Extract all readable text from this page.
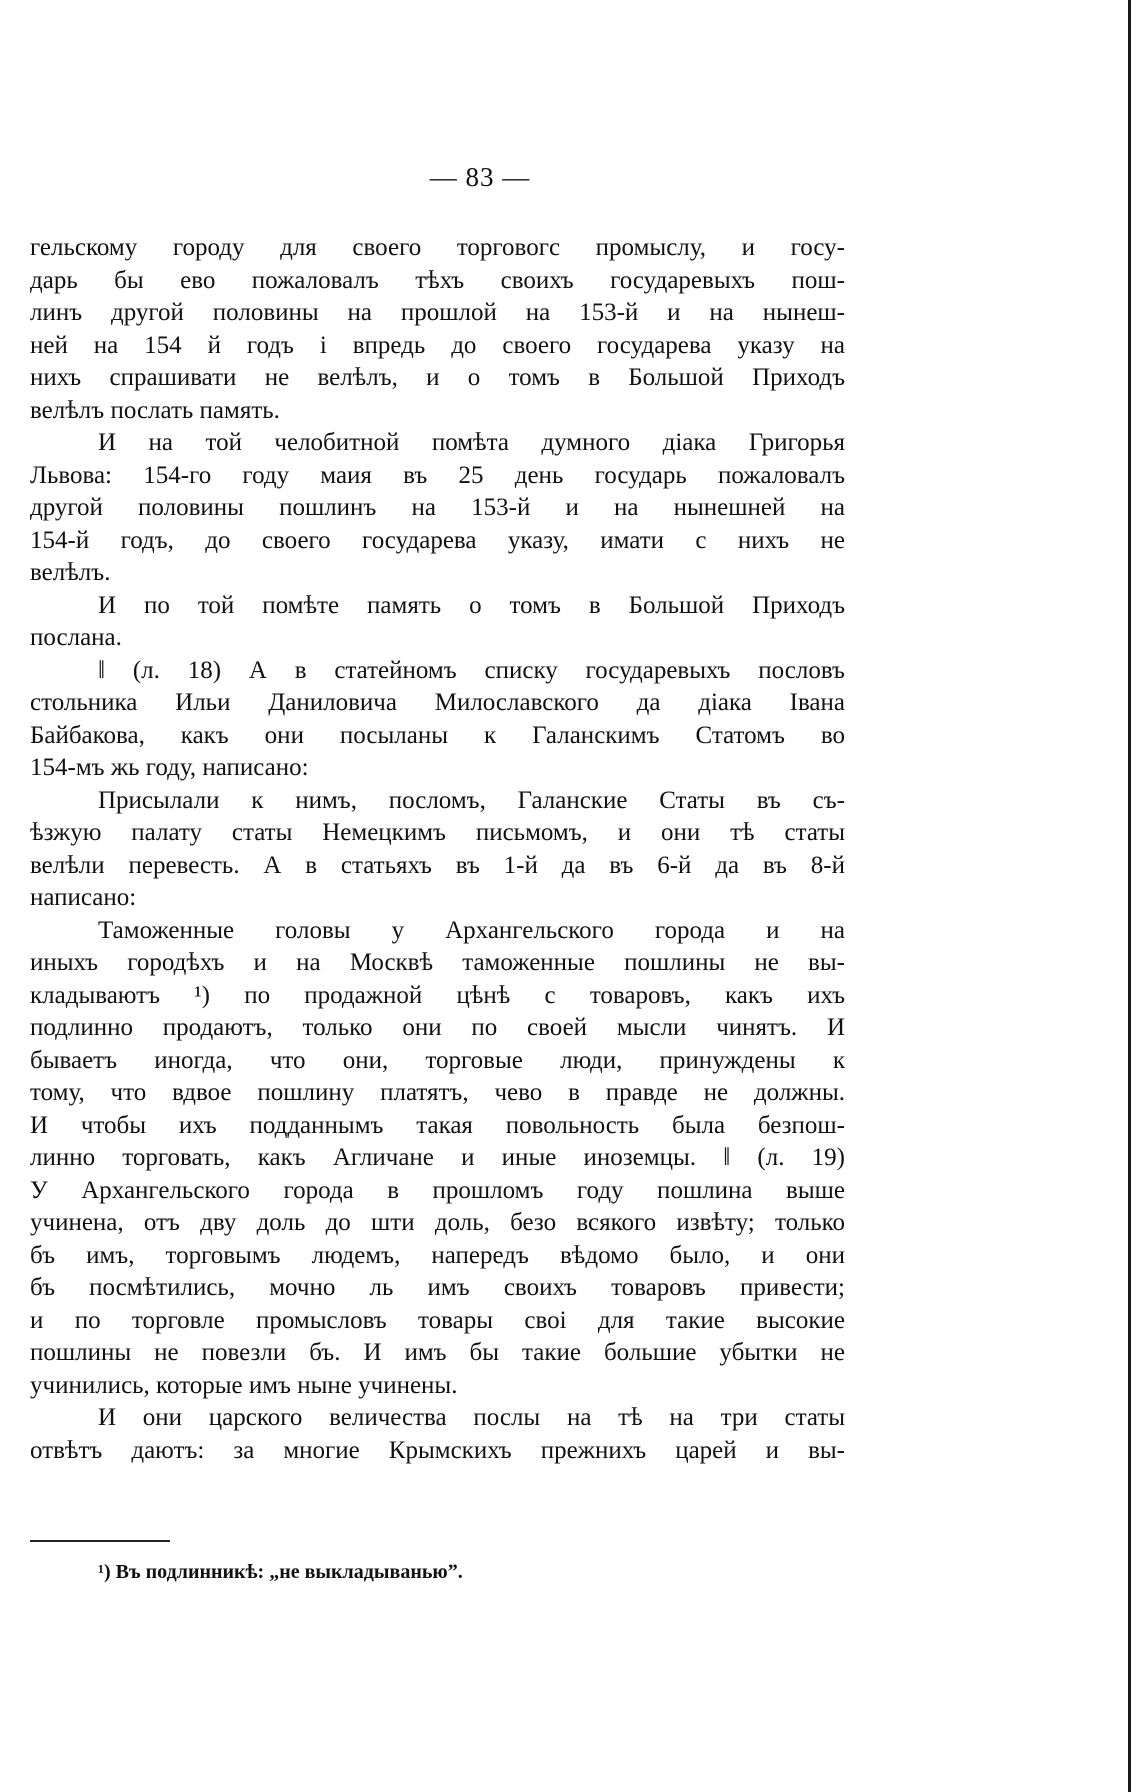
— 83 —
гельскому городу для своего торговогс промыслу, и госу-
дарь бы ево пожаловалъ тѣхъ своихъ государевыхъ пош-
линъ другой половины на прошлой на 153-й и на нынеш-
ней на 154 й годъ і впредь до своего государева указу на
нихъ спрашивати не велѣлъ, и о томъ в Большой Приходъ
велѣлъ послать память.
И на той челобитной помѣта думного діака Григорья
Львова: 154-го году маия въ 25 день государь пожаловалъ
другой половины пошлинъ на 153-й и на нынешней на
154-й годъ, до своего государева указу, имати с нихъ не
велѣлъ.
И по той помѣте память о томъ в Большой Приходъ
послана.
‖ (л. 18) А в статейномъ списку государевыхъ пословъ
стольника Ильи Даниловича Милославского да діака Івана
Байбакова, какъ они посыланы к Галанскимъ Статомъ во
154-мъ жь году, написано:
Присылали к нимъ, посломъ, Галанские Статы въ съ-
ѣзжую палату статы Немецкимъ письмомъ, и они тѣ статы
велѣли перевесть. А в статьяхъ въ 1-й да въ 6-й да въ 8-й
написано:
Таможенные головы у Архангельского города и на
иныхъ городѣхъ и на Москвѣ таможенные пошлины не вы-
кладываютъ ¹) по продажной цѣнѣ с товаровъ, какъ ихъ
подлинно продаютъ, только они по своей мысли чинятъ. И
бываетъ иногда, что они, торговые люди, принуждены к
тому, что вдвое пошлину платятъ, чево в правде не должны.
И чтобы ихъ подданнымъ такая повольность была безпош-
линно торговать, какъ Агличане и иные иноземцы. ‖ (л. 19)
У Архангельского города в прошломъ году пошлина выше
учинена, отъ дву доль до шти доль, безо всякого извѣту; только
бъ имъ, торговымъ людемъ, напередъ вѣдомо было, и они
бъ посмѣтились, мочно ль имъ своихъ товаровъ привести;
и по торговле промысловъ товары своі для такие высокие
пошлины не повезли бъ. И имъ бы такие большие убытки не
учинились, которые имъ ныне учинены.
И они царского величества послы на тѣ на три статы
отвѣтъ даютъ: за многие Крымскихъ прежнихъ царей и вы-
¹) Въ подлинникѣ: „не выкладываньюˮ.
